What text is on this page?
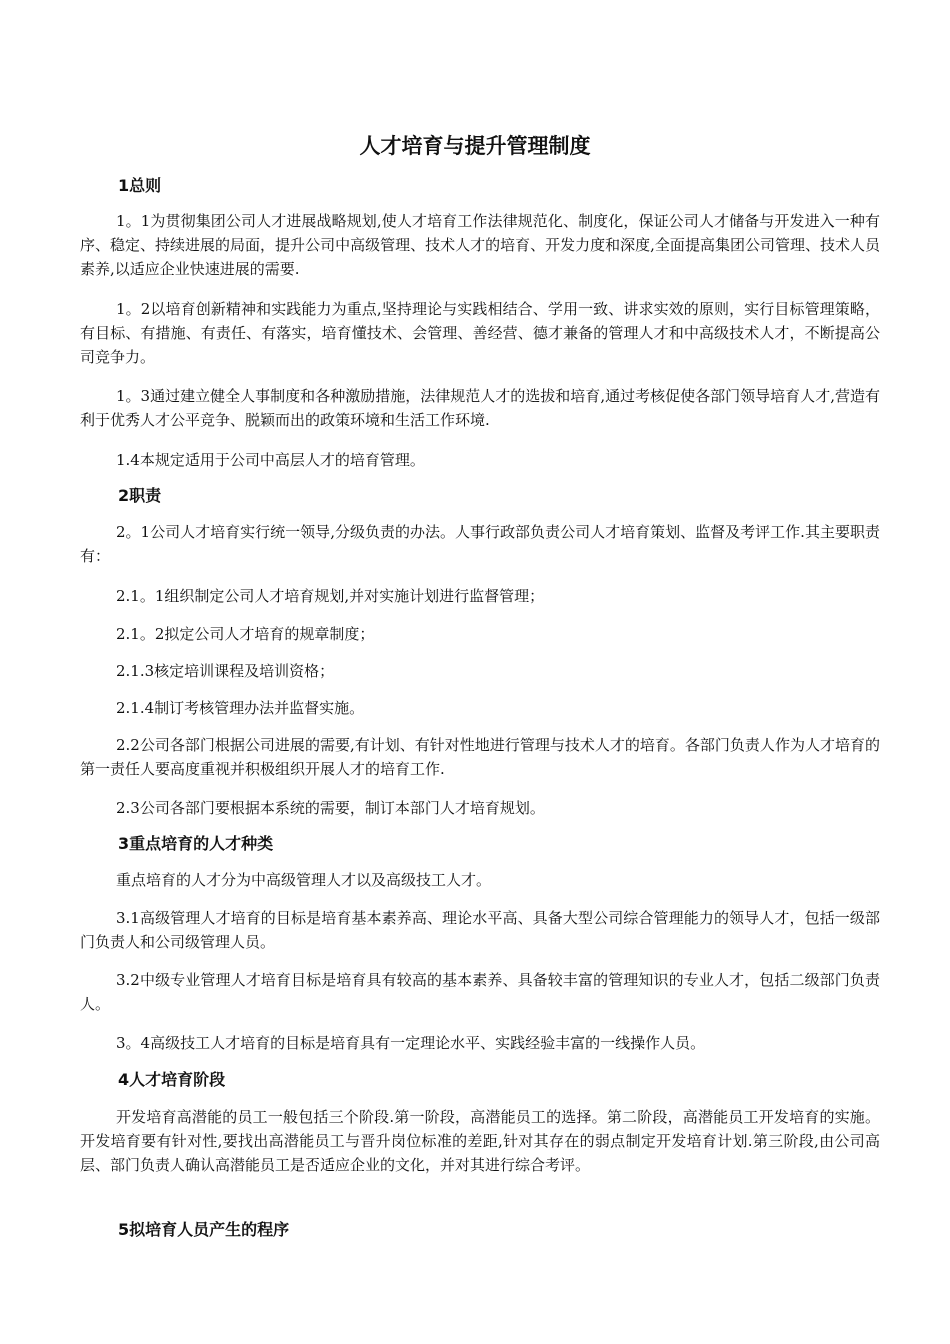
人才培育与提升管理制度
1总则
1。1为贯彻集团公司人才进展战略规划,使人才培育工作法律规范化、制度化，保证公司人才储备与开发进入一种有序、稳定、持续进展的局面，提升公司中高级管理、技术人才的培育、开发力度和深度,全面提高集团公司管理、技术人员素养,以适应企业快速进展的需要.
1。2以培育创新精神和实践能力为重点,坚持理论与实践相结合、学用一致、讲求实效的原则，实行目标管理策略，有目标、有措施、有责任、有落实，培育懂技术、会管理、善经营、德才兼备的管理人才和中高级技术人才，不断提高公司竞争力。
1。3通过建立健全人事制度和各种激励措施，法律规范人才的选拔和培育,通过考核促使各部门领导培育人才,营造有利于优秀人才公平竞争、脱颖而出的政策环境和生活工作环境.
1.4本规定适用于公司中高层人才的培育管理。
2职责
2。1公司人才培育实行统一领导,分级负责的办法。人事行政部负责公司人才培育策划、监督及考评工作.其主要职责有：
2.1。1组织制定公司人才培育规划,并对实施计划进行监督管理；
2.1。2拟定公司人才培育的规章制度；
2.1.3核定培训课程及培训资格；
2.1.4制订考核管理办法并监督实施。
2.2公司各部门根据公司进展的需要,有计划、有针对性地进行管理与技术人才的培育。各部门负责人作为人才培育的第一责任人要高度重视并积极组织开展人才的培育工作.
2.3公司各部门要根据本系统的需要，制订本部门人才培育规划。
3重点培育的人才种类
重点培育的人才分为中高级管理人才以及高级技工人才。
3.1高级管理人才培育的目标是培育基本素养高、理论水平高、具备大型公司综合管理能力的领导人才，包括一级部门负责人和公司级管理人员。
3.2中级专业管理人才培育目标是培育具有较高的基本素养、具备较丰富的管理知识的专业人才，包括二级部门负责人。
3。4高级技工人才培育的目标是培育具有一定理论水平、实践经验丰富的一线操作人员。
4人才培育阶段
开发培育高潜能的员工一般包括三个阶段.第一阶段，高潜能员工的选择。第二阶段，高潜能员工开发培育的实施。开发培育要有针对性,要找出高潜能员工与晋升岗位标准的差距,针对其存在的弱点制定开发培育计划.第三阶段,由公司高层、部门负责人确认高潜能员工是否适应企业的文化，并对其进行综合考评。
5拟培育人员产生的程序
